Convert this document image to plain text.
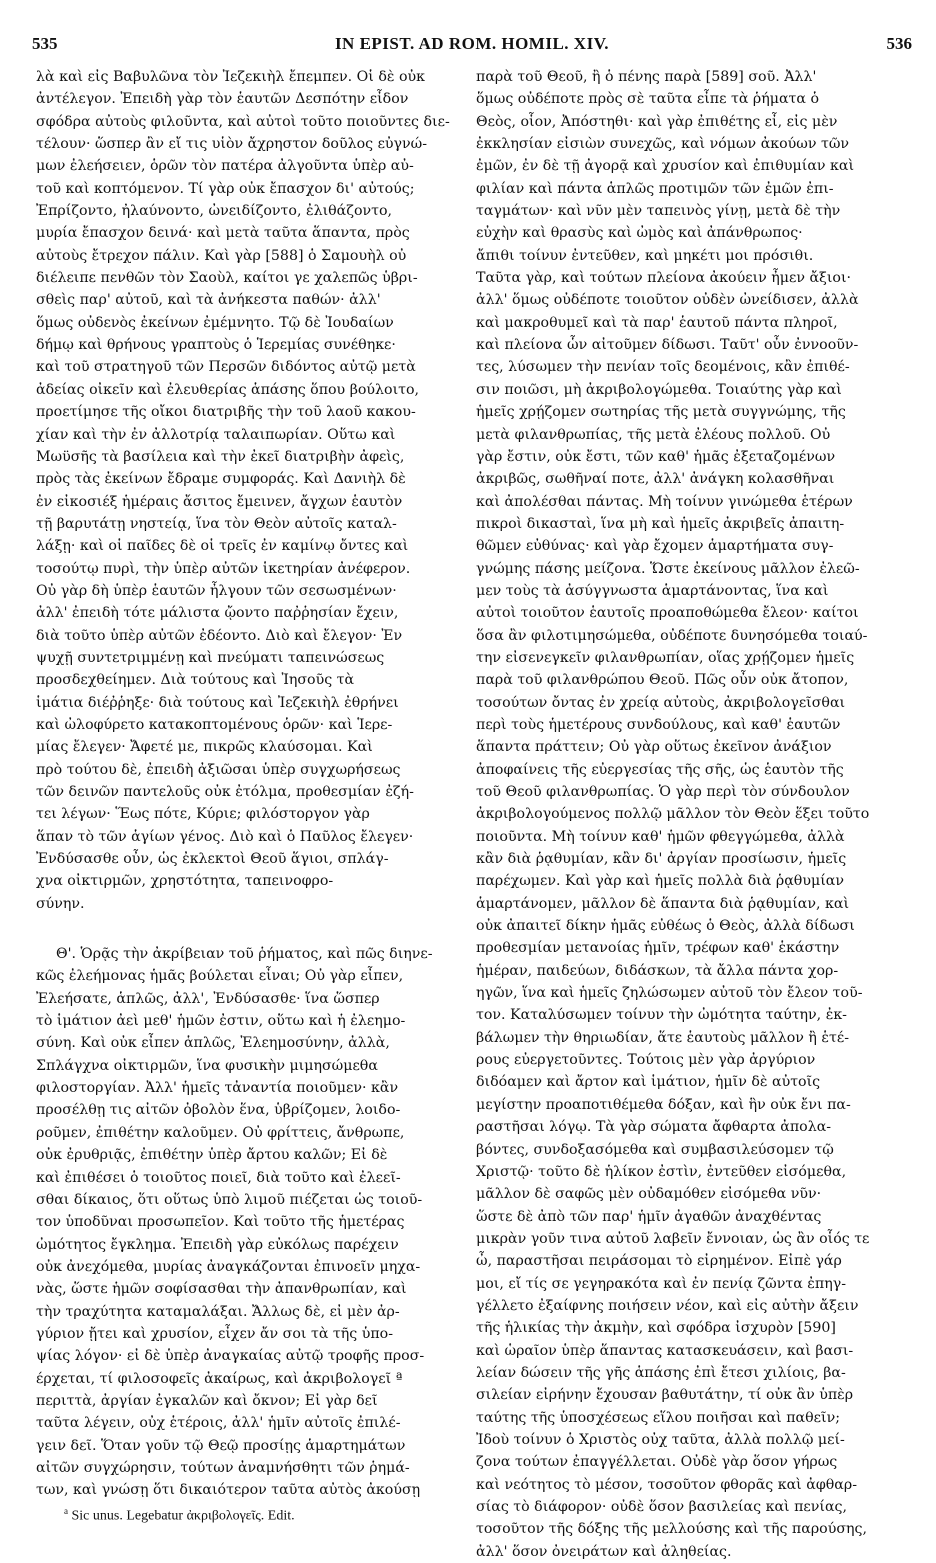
535	IN EPIST. AD ROM. HOMIL. XIV.	536
λὰ καὶ εἰς Βαβυλῶνα τὸν Ἰεζεκιὴλ ἔπεμπεν. Οἱ δὲ οὐκ
ἀντέλεγον. Ἐπειδὴ γὰρ τὸν ἑαυτῶν Δεσπότην εἶδον
σφόδρα αὐτοὺς φιλοῦντα, καὶ αὐτοὶ τοῦτο ποιοῦντες διε-
τέλουν· ὥσπερ ἂν εἴ τις υἱὸν ἄχρηστον δοῦλος εὐγνώ-
μων ἐλεήσειεν, ὁρῶν τὸν πατέρα ἀλγοῦντα ὑπὲρ αὐ-
τοῦ καὶ κοπτόμενον. Τί γὰρ οὐκ ἔπασχον δι' αὐτούς;
Ἐπρίζοντο, ἠλαύνοντο, ὠνειδίζοντο, ἐλιθάζοντο,
μυρία ἔπασχον δεινά· καὶ μετὰ ταῦτα ἅπαντα, πρὸς
αὐτοὺς ἔτρεχον πάλιν. Καὶ γὰρ [588] ὁ Σαμουὴλ οὐ
διέλειπε πενθῶν τὸν Σαοὺλ, καίτοι γε χαλεπῶς ὑβρι-
σθεὶς παρ' αὐτοῦ, καὶ τὰ ἀνήκεστα παθών· ἀλλ'
ὅμως οὐδενὸς ἐκείνων ἐμέμνητο. Τῷ δὲ Ἰουδαίων
δήμῳ καὶ θρήνους γραπτοὺς ὁ Ἱερεμίας συνέθηκε·
καὶ τοῦ στρατηγοῦ τῶν Περσῶν διδόντος αὐτῷ μετὰ
ἀδείας οἰκεῖν καὶ ἐλευθερίας ἁπάσης ὅπου βούλοιτο,
προετίμησε τῆς οἴκοι διατριβῆς τὴν τοῦ λαοῦ κακου-
χίαν καὶ τὴν ἐν ἀλλοτρίᾳ ταλαιπωρίαν. Οὕτω καὶ
Μωϋσῆς τὰ βασίλεια καὶ τὴν ἐκεῖ διατριβὴν ἀφεὶς,
πρὸς τὰς ἐκείνων ἔδραμε συμφοράς. Καὶ Δανιὴλ δὲ
ἐν εἰκοσιέξ ἡμέραις ἄσιτος ἔμεινεν, ἄγχων ἑαυτὸν
τῇ βαρυτάτῃ νηστείᾳ, ἵνα τὸν Θεὸν αὐτοῖς καταλ-
λάξῃ· καὶ οἱ παῖδες δὲ οἱ τρεῖς ἐν καμίνῳ ὄντες καὶ
τοσούτῳ πυρὶ, τὴν ὑπὲρ αὐτῶν ἱκετηρίαν ἀνέφερον.
Οὐ γὰρ δὴ ὑπὲρ ἑαυτῶν ἦλγουν τῶν σεσωσμένων·
ἀλλ' ἐπειδὴ τότε μάλιστα ᾤοντο παῤῥησίαν ἔχειν,
διὰ τοῦτο ὑπὲρ αὐτῶν ἐδέοντο. Διὸ καὶ ἔλεγον· Ἐν
ψυχῇ συντετριμμένῃ καὶ πνεύματι ταπεινώσεως
προσδεχθείημεν. Διὰ τούτους καὶ Ἰησοῦς τὰ
ἱμάτια διέῤῥηξε· διὰ τούτους καὶ Ἰεζεκιὴλ ἐθρήνει
καὶ ὠλοφύρετο κατακοπτομένους ὁρῶν· καὶ Ἱερε-
μίας ἔλεγεν· Ἄφετέ με, πικρῶς κλαύσομαι. Καὶ
πρὸ τούτου δὲ, ἐπειδὴ ἀξιῶσαι ὑπὲρ συγχωρήσεως
τῶν δεινῶν παντελοῦς οὐκ ἐτόλμα, προθεσμίαν ἐζή-
τει λέγων· Ἕως πότε, Κύριε; φιλόστοργον γὰρ
ἅπαν τὸ τῶν ἁγίων γένος. Διὸ καὶ ὁ Παῦλος ἔλεγεν·
Ἐνδύσασθε οὖν, ὡς ἐκλεκτοὶ Θεοῦ ἅγιοι, σπλάγ-
χνα οἰκτιρμῶν, χρηστότητα, ταπεινοφρο-
σύνην.
Θ'. Ὁρᾷς τὴν ἀκρίβειαν τοῦ ῥήματος, καὶ πῶς διηνε-
κῶς ἐλεήμονας ἡμᾶς βούλεται εἶναι; Οὐ γὰρ εἶπεν,
Ἐλεήσατε, ἁπλῶς, ἀλλ', Ἐνδύσασθε· ἵνα ὥσπερ
τὸ ἱμάτιον ἀεὶ μεθ' ἡμῶν ἐστιν, οὕτω καὶ ἡ ἐλεημο-
σύνη. Καὶ οὐκ εἶπεν ἁπλῶς, Ἐλεημοσύνην, ἀλλὰ,
Σπλάγχνα οἰκτιρμῶν, ἵνα φυσικὴν μιμησώμεθα
φιλοστοργίαν. Ἀλλ' ἡμεῖς τἀναντία ποιοῦμεν· κἂν
προσέλθῃ τις αἰτῶν ὀβολὸν ἕνα, ὑβρίζομεν, λοιδο-
ροῦμεν, ἐπιθέτην καλοῦμεν. Οὐ φρίττεις, ἄνθρωπε,
οὐκ ἐρυθριᾷς, ἐπιθέτην ὑπὲρ ἄρτου καλῶν; Εἰ δὲ
καὶ ἐπιθέσει ὁ τοιοῦτος ποιεῖ, διὰ τοῦτο καὶ ἐλεεῖ-
σθαι δίκαιος, ὅτι οὕτως ὑπὸ λιμοῦ πιέζεται ὡς τοιοῦ-
τον ὑποδῦναι προσωπεῖον. Καὶ τοῦτο τῆς ἡμετέρας
ὠμότητος ἔγκλημα. Ἐπειδὴ γὰρ εὐκόλως παρέχειν
οὐκ ἀνεχόμεθα, μυρίας ἀναγκάζονται ἐπινοεῖν μηχα-
νὰς, ὥστε ἡμῶν σοφίσασθαι τὴν ἀπανθρωπίαν, καὶ
τὴν τραχύτητα καταμαλάξαι. Ἄλλως δὲ, εἰ μὲν ἀρ-
γύριον ᾔτει καὶ χρυσίον, εἶχεν ἄν σοι τὰ τῆς ὑπο-
ψίας λόγον· εἰ δὲ ὑπὲρ ἀναγκαίας αὐτῷ τροφῆς προσ-
έρχεται, τί φιλοσοφεῖς ἀκαίρως, καὶ ἀκριβολογεῖ ª
περιττὰ, ἀργίαν ἐγκαλῶν καὶ ὄκνον; Εἰ γὰρ δεῖ
ταῦτα λέγειν, οὐχ ἑτέροις, ἀλλ' ἡμῖν αὐτοῖς ἐπιλέ-
γειν δεῖ. Ὅταν γοῦν τῷ Θεῷ προσίῃς ἁμαρτημάτων
αἰτῶν συγχώρησιν, τούτων ἀναμνήσθητι τῶν ῥημά-
των, καὶ γνώσῃ ὅτι δικαιότερον ταῦτα αὐτὸς ἀκούσῃ
παρὰ τοῦ Θεοῦ, ἢ ὁ πένης παρὰ [589] σοῦ. Ἀλλ'
ὅμως οὐδέποτε πρὸς σὲ ταῦτα εἶπε τὰ ῥήματα ὁ
Θεὸς, οἷον, Ἀπόστηθι· καὶ γὰρ ἐπιθέτης εἶ, εἰς μὲν
ἐκκλησίαν εἰσιὼν συνεχῶς, καὶ νόμων ἀκούων τῶν
ἐμῶν, ἐν δὲ τῇ ἀγορᾷ καὶ χρυσίον καὶ ἐπιθυμίαν καὶ
φιλίαν καὶ πάντα ἁπλῶς προτιμῶν τῶν ἐμῶν ἐπι-
ταγμάτων· καὶ νῦν μὲν ταπεινὸς γίνῃ, μετὰ δὲ τὴν
εὐχὴν καὶ θρασὺς καὶ ὠμὸς καὶ ἀπάνθρωπος·
ἄπιθι τοίνυν ἐντεῦθεν, καὶ μηκέτι μοι πρόσιθι.
Ταῦτα γὰρ, καὶ τούτων πλείονα ἀκούειν ἦμεν ἄξιοι·
ἀλλ' ὅμως οὐδέποτε τοιοῦτον οὐδὲν ὠνείδισεν, ἀλλὰ
καὶ μακροθυμεῖ καὶ τὰ παρ' ἑαυτοῦ πάντα πληροῖ,
καὶ πλείονα ὧν αἰτοῦμεν δίδωσι. Ταῦτ' οὖν ἐννοοῦν-
τες, λύσωμεν τὴν πενίαν τοῖς δεομένοις, κἂν ἐπιθέ-
σιν ποιῶσι, μὴ ἀκριβολογώμεθα. Τοιαύτης γὰρ καὶ
ἡμεῖς χρῄζομεν σωτηρίας τῆς μετὰ συγγνώμης, τῆς
μετὰ φιλανθρωπίας, τῆς μετὰ ἐλέους πολλοῦ. Οὐ
γὰρ ἔστιν, οὐκ ἔστι, τῶν καθ' ἡμᾶς ἐξεταζομένων
ἀκριβῶς, σωθῆναί ποτε, ἀλλ' ἀνάγκη κολασθῆναι
καὶ ἀπολέσθαι πάντας. Μὴ τοίνυν γινώμεθα ἑτέρων
πικροὶ δικασταὶ, ἵνα μὴ καὶ ἡμεῖς ἀκριβεῖς ἀπαιτη-
θῶμεν εὐθύνας· καὶ γὰρ ἔχομεν ἁμαρτήματα συγ-
γνώμης πάσης μείζονα. Ὥστε ἐκείνους μᾶλλον ἐλεῶ-
μεν τοὺς τὰ ἀσύγγνωστα ἁμαρτάνοντας, ἵνα καὶ
αὐτοὶ τοιοῦτον ἑαυτοῖς προαποθώμεθα ἔλεον· καίτοι
ὅσα ἂν φιλοτιμησώμεθα, οὐδέποτε δυνησόμεθα τοιαύ-
την εἰσενεγκεῖν φιλανθρωπίαν, οἵας χρῄζομεν ἡμεῖς
παρὰ τοῦ φιλανθρώπου Θεοῦ. Πῶς οὖν οὐκ ἄτοπον,
τοσούτων ὄντας ἐν χρείᾳ αὐτοὺς, ἀκριβολογεῖσθαι
περὶ τοὺς ἡμετέρους συνδούλους, καὶ καθ' ἑαυτῶν
ἅπαντα πράττειν; Οὐ γὰρ οὕτως ἐκεῖνον ἀνάξιον
ἀποφαίνεις τῆς εὐεργεσίας τῆς σῆς, ὡς ἑαυτὸν τῆς
τοῦ Θεοῦ φιλανθρωπίας. Ὁ γὰρ περὶ τὸν σύνδουλον
ἀκριβολογούμενος πολλῷ μᾶλλον τὸν Θεὸν ἕξει τοῦτο
ποιοῦντα. Μὴ τοίνυν καθ' ἡμῶν φθεγγώμεθα, ἀλλὰ
κἂν διὰ ῥᾳθυμίαν, κἂν δι' ἀργίαν προσίωσιν, ἡμεῖς
παρέχωμεν. Καὶ γὰρ καὶ ἡμεῖς πολλὰ διὰ ῥᾳθυμίαν
ἁμαρτάνομεν, μᾶλλον δὲ ἅπαντα διὰ ῥᾳθυμίαν, καὶ
οὐκ ἀπαιτεῖ δίκην ἡμᾶς εὐθέως ὁ Θεὸς, ἀλλὰ δίδωσι
προθεσμίαν μετανοίας ἡμῖν, τρέφων καθ' ἑκάστην
ἡμέραν, παιδεύων, διδάσκων, τὰ ἄλλα πάντα χορ-
ηγῶν, ἵνα καὶ ἡμεῖς ζηλώσωμεν αὐτοῦ τὸν ἔλεον τοῦ-
τον. Καταλύσωμεν τοίνυν τὴν ὠμότητα ταύτην, ἐκ-
βάλωμεν τὴν θηριωδίαν, ἅτε ἑαυτοὺς μᾶλλον ἢ ἑτέ-
ρους εὐεργετοῦντες. Τούτοις μὲν γὰρ ἀργύριον
διδόαμεν καὶ ἄρτον καὶ ἱμάτιον, ἡμῖν δὲ αὐτοῖς
μεγίστην προαποτιθέμεθα δόξαν, καὶ ἣν οὐκ ἔνι πα-
ραστῆσαι λόγῳ. Τὰ γὰρ σώματα ἄφθαρτα ἀπολα-
βόντες, συνδοξασόμεθα καὶ συμβασιλεύσομεν τῷ
Χριστῷ· τοῦτο δὲ ἡλίκον ἐστὶν, ἐντεῦθεν εἰσόμεθα,
μᾶλλον δὲ σαφῶς μὲν οὐδαμόθεν εἰσόμεθα νῦν·
ὥστε δὲ ἀπὸ τῶν παρ' ἡμῖν ἀγαθῶν ἀναχθέντας
μικρὰν γοῦν τινα αὐτοῦ λαβεῖν ἔννοιαν, ὡς ἂν οἷός τε
ὦ, παραστῆσαι πειράσομαι τὸ εἰρημένον. Εἰπὲ γάρ
μοι, εἴ τίς σε γεγηρακότα καὶ ἐν πενίᾳ ζῶντα ἐπηγ-
γέλλετο ἐξαίφνης ποιήσειν νέον, καὶ εἰς αὐτὴν ἄξειν
τῆς ἡλικίας τὴν ἀκμὴν, καὶ σφόδρα ἰσχυρὸν [590]
καὶ ὡραῖον ὑπὲρ ἅπαντας κατασκευάσειν, καὶ βασι-
λείαν δώσειν τῆς γῆς ἁπάσης ἐπὶ ἔτεσι χιλίοις, βα-
σιλείαν εἰρήνην ἔχουσαν βαθυτάτην, τί οὐκ ἂν ὑπὲρ
ταύτης τῆς ὑποσχέσεως εἵλου ποιῆσαι καὶ παθεῖν;
Ἰδοὺ τοίνυν ὁ Χριστὸς οὐχ ταῦτα, ἀλλὰ πολλῷ μεί-
ζονα τούτων ἐπαγγέλλεται. Οὐδὲ γὰρ ὅσον γήρως
καὶ νεότητος τὸ μέσον, τοσοῦτον φθορᾶς καὶ ἀφθαρ-
σίας τὸ διάφορον· οὐδὲ ὅσον βασιλείας καὶ πενίας,
τοσοῦτον τῆς δόξης τῆς μελλούσης καὶ τῆς παρούσης,
ἀλλ' ὅσον ὀνειράτων καὶ ἀληθείας.
$^a$ Sic unus. Legebatur ἀκριβολογεῖς. Edit.
